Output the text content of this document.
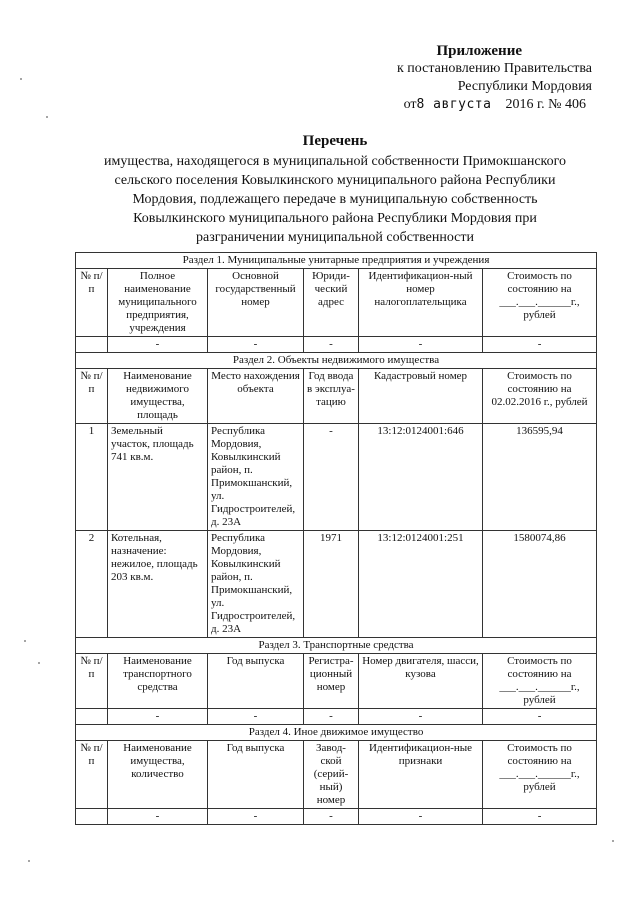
Приложение
к постановлению Правительства
Республики Мордовия
от8 августа 2016 г. № 406
Перечень
имущества, находящегося в муниципальной собственности Примокшанского
сельского поселения Ковылкинского муниципального района Республики
Мордовия, подлежащего передаче в муниципальную собственность
Ковылкинского муниципального района Республики Мордовия при
разграничении муниципальной собственности
Раздел 1. Муниципальные унитарные предприятия и учреждения					
№ п/п	Полное наименование муниципального предприятия, учреждения	Основной государственный номер	Юриди-ческий адрес	Идентификацион-ный номер налогоплательщика	Стоимость по состоянию на ___.___.______г., рублей
	-	-	-	-	-
Раздел 2. Объекты недвижимого имущества					
№ п/п	Наименование недвижимого имущества, площадь	Место нахождения объекта	Год ввода в эксплуа-тацию	Кадастровый номер	Стоимость по состоянию на 02.02.2016 г., рублей
1	Земельный участок, площадь 741 кв.м.	Республика Мордовия, Ковылкинский район, п. Примокшанский, ул. Гидростроителей, д. 23А	-	13:12:0124001:646	136595,94
2	Котельная, назначение: нежилое, площадь 203 кв.м.	Республика Мордовия, Ковылкинский район, п. Примокшанский, ул. Гидростроителей, д. 23А	1971	13:12:0124001:251	1580074,86
Раздел 3. Транспортные средства					
№ п/п	Наименование транспортного средства	Год выпуска	Регистра-ционный номер	Номер двигателя, шасси, кузова	Стоимость по состоянию на ___.___.______г., рублей
	-	-	-	-	-
Раздел 4. Иное движимое имущество					
№ п/п	Наименование имущества, количество	Год выпуска	Завод-ской (серий-ный) номер	Идентификацион-ные признаки	Стоимость по состоянию на ___.___.______г., рублей
	-	-	-	-	-
